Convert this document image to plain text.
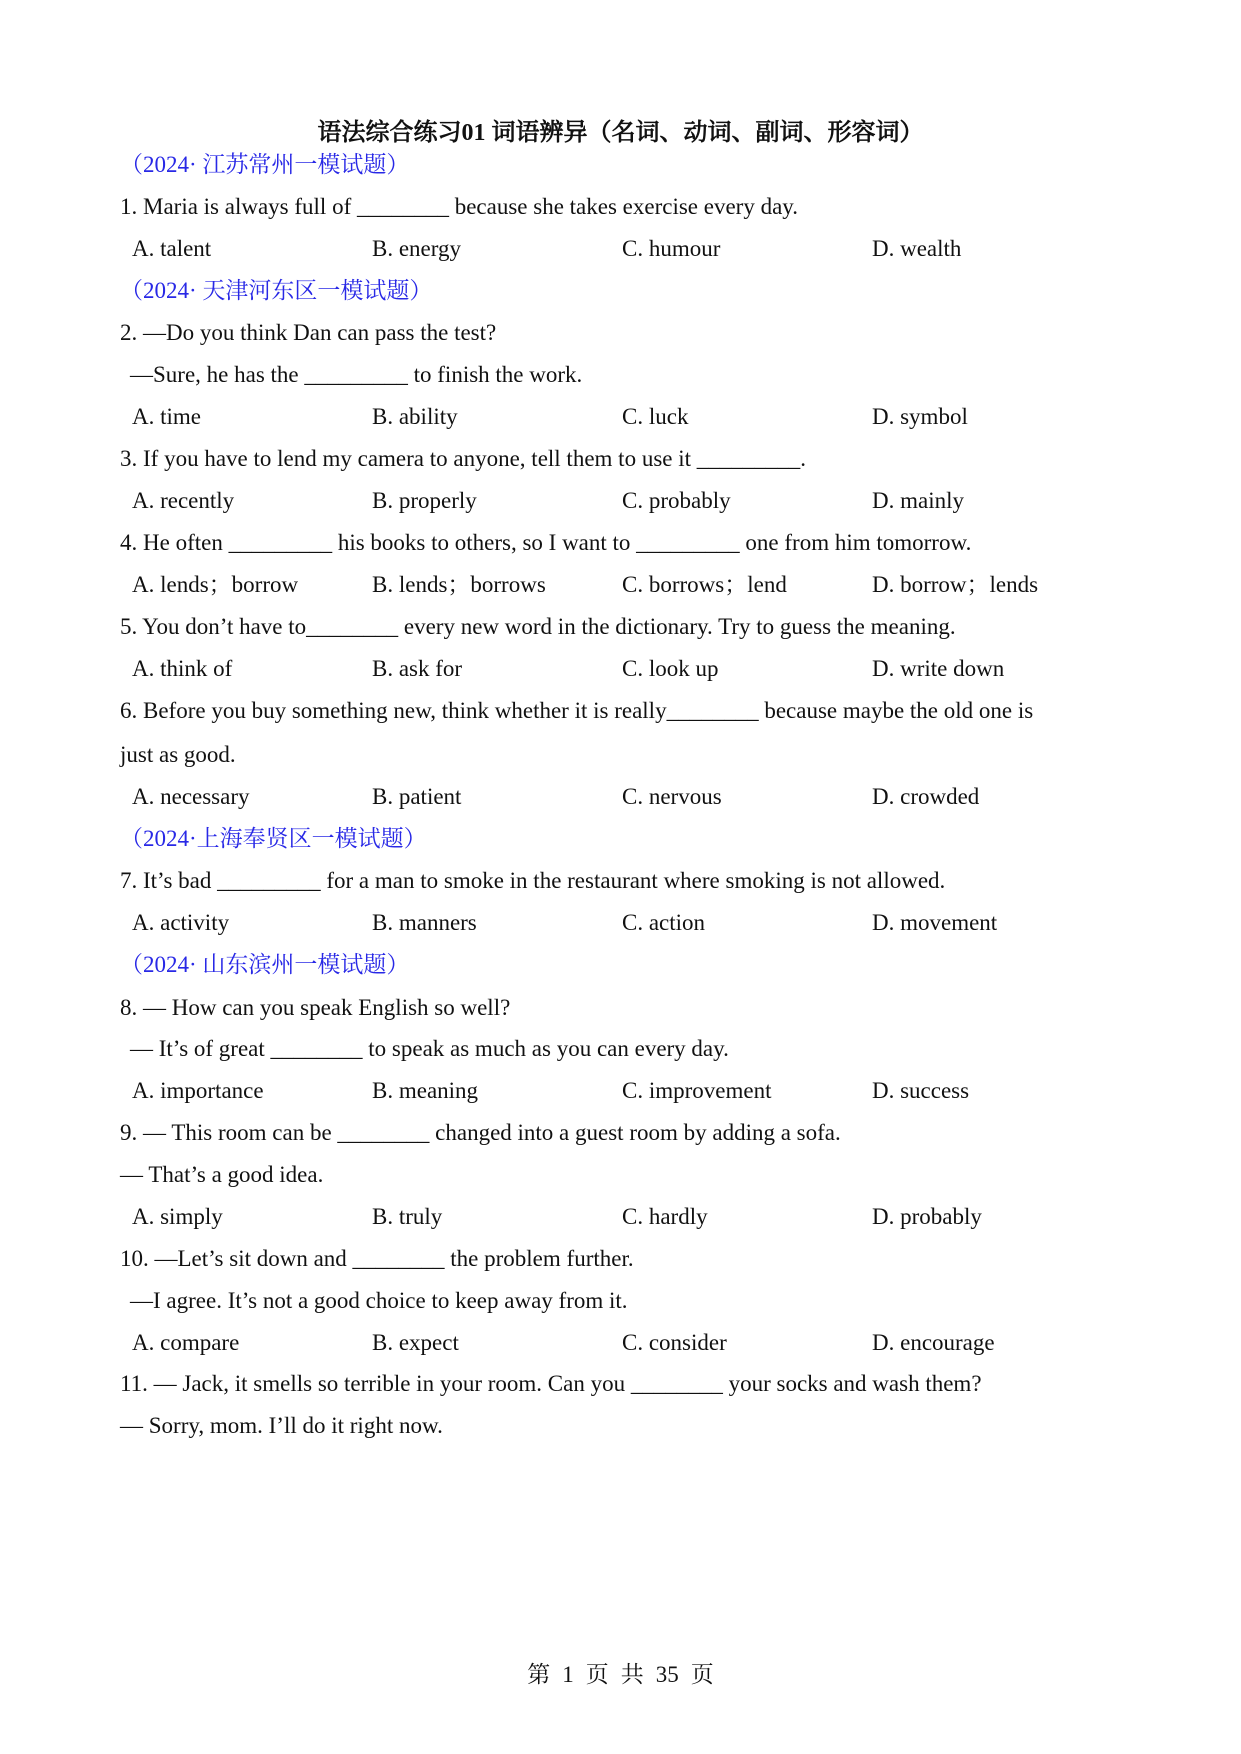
语法综合练习01 词语辨异（名词、动词、副词、形容词）
（2024· 江苏常州一模试题）
1. Maria is always full of ________ because she takes exercise every day.
A. talent	B. energy	C. humour	D. wealth
（2024· 天津河东区一模试题）
2. —Do you think Dan can pass the test?
—Sure, he has the _________ to finish the work.
A. time	B. ability	C. luck	D. symbol
3. If you have to lend my camera to anyone, tell them to use it _________.
A. recently	B. properly	C. probably	D. mainly
4. He often _________ his books to others, so I want to _________ one from him tomorrow.
A. lends；borrow	B. lends；borrows	C. borrows；lend	D. borrow；lends
5. You don’t have to________ every new word in the dictionary. Try to guess the meaning.
A. think of	B. ask for	C. look up	D. write down
6. Before you buy something new, think whether it is really________ because maybe the old one is
just as good.
A. necessary	B. patient	C. nervous	D. crowded
（2024·上海奉贤区一模试题）
7. It’s bad _________ for a man to smoke in the restaurant where smoking is not allowed.
A. activity	B. manners	C. action	D. movement
（2024· 山东滨州一模试题）
8. — How can you speak English so well?
— It’s of great ________ to speak as much as you can every day.
A. importance	B. meaning	C. improvement	D. success
9. — This room can be ________ changed into a guest room by adding a sofa.
— That’s a good idea.
A. simply	B. truly	C. hardly	D. probably
10. —Let’s sit down and ________ the problem further.
—I agree. It’s not a good choice to keep away from it.
A. compare	B. expect	C. consider	D. encourage
11. — Jack, it smells so terrible in your room. Can you ________ your socks and wash them?
— Sorry, mom. I’ll do it right now.
第 1 页 共 35 页
